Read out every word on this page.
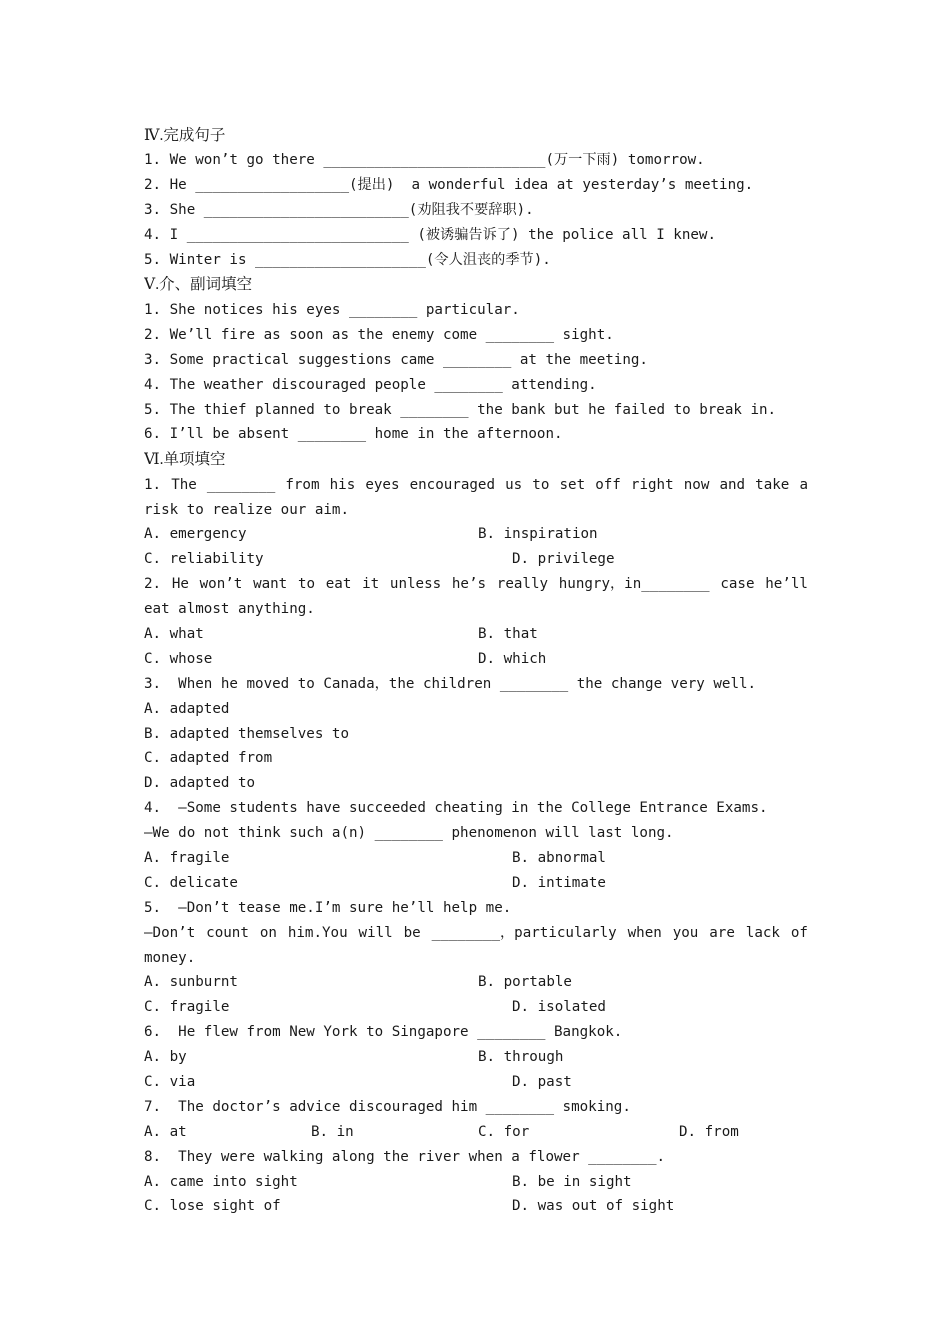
Ⅳ.完成句子
1. We won’t go there __________________________(万一下雨) tomorrow.
2. He __________________(提出)  a wonderful idea at yesterday’s meeting.
3. She ________________________(劝阻我不要辞职).
4. I __________________________ (被诱骗告诉了) the police all I knew.
5. Winter is ____________________(令人沮丧的季节).
Ⅴ.介、副词填空
1. She notices his eyes ________ particular.
2. We’ll fire as soon as the enemy come ________ sight.
3. Some practical suggestions came ________ at the meeting.
4. The weather discouraged people ________ attending.
5. The thief planned to break ________ the bank but he failed to break in.
6. I’ll be absent ________ home in the afternoon.
Ⅵ.单项填空
1. The ________ from his eyes encouraged us to set off right now and take a
risk to realize our aim.
A. emergency	B. inspiration
C. reliability	D. privilege
2. He won’t want to eat it unless he’s really hungry，in________ case he’ll
eat almost anything.
A. what	B. that
C. whose	D. which
3.  When he moved to Canada，the children ________ the change very well.
A. adapted
B. adapted themselves to
C. adapted from
D. adapted to
4.  —Some students have succeeded cheating in the College Entrance Exams.
—We do not think such a(n) ________ phenomenon will last long.
A. fragile	B. abnormal
C. delicate	D. intimate
5.  —Don’t tease me.I’m sure he’ll help me.
—Don’t count on him.You will be ________，particularly when you are lack of
money.
A. sunburnt	B. portable
C. fragile	D. isolated
6.  He flew from New York to Singapore ________ Bangkok.
A. by	B. through
C. via	D. past
7.  The doctor’s advice discouraged him ________ smoking.
A. at	B. in	C. for	D. from
8.  They were walking along the river when a flower ________.
A. came into sight	B. be in sight
C. lose sight of	D. was out of sight
